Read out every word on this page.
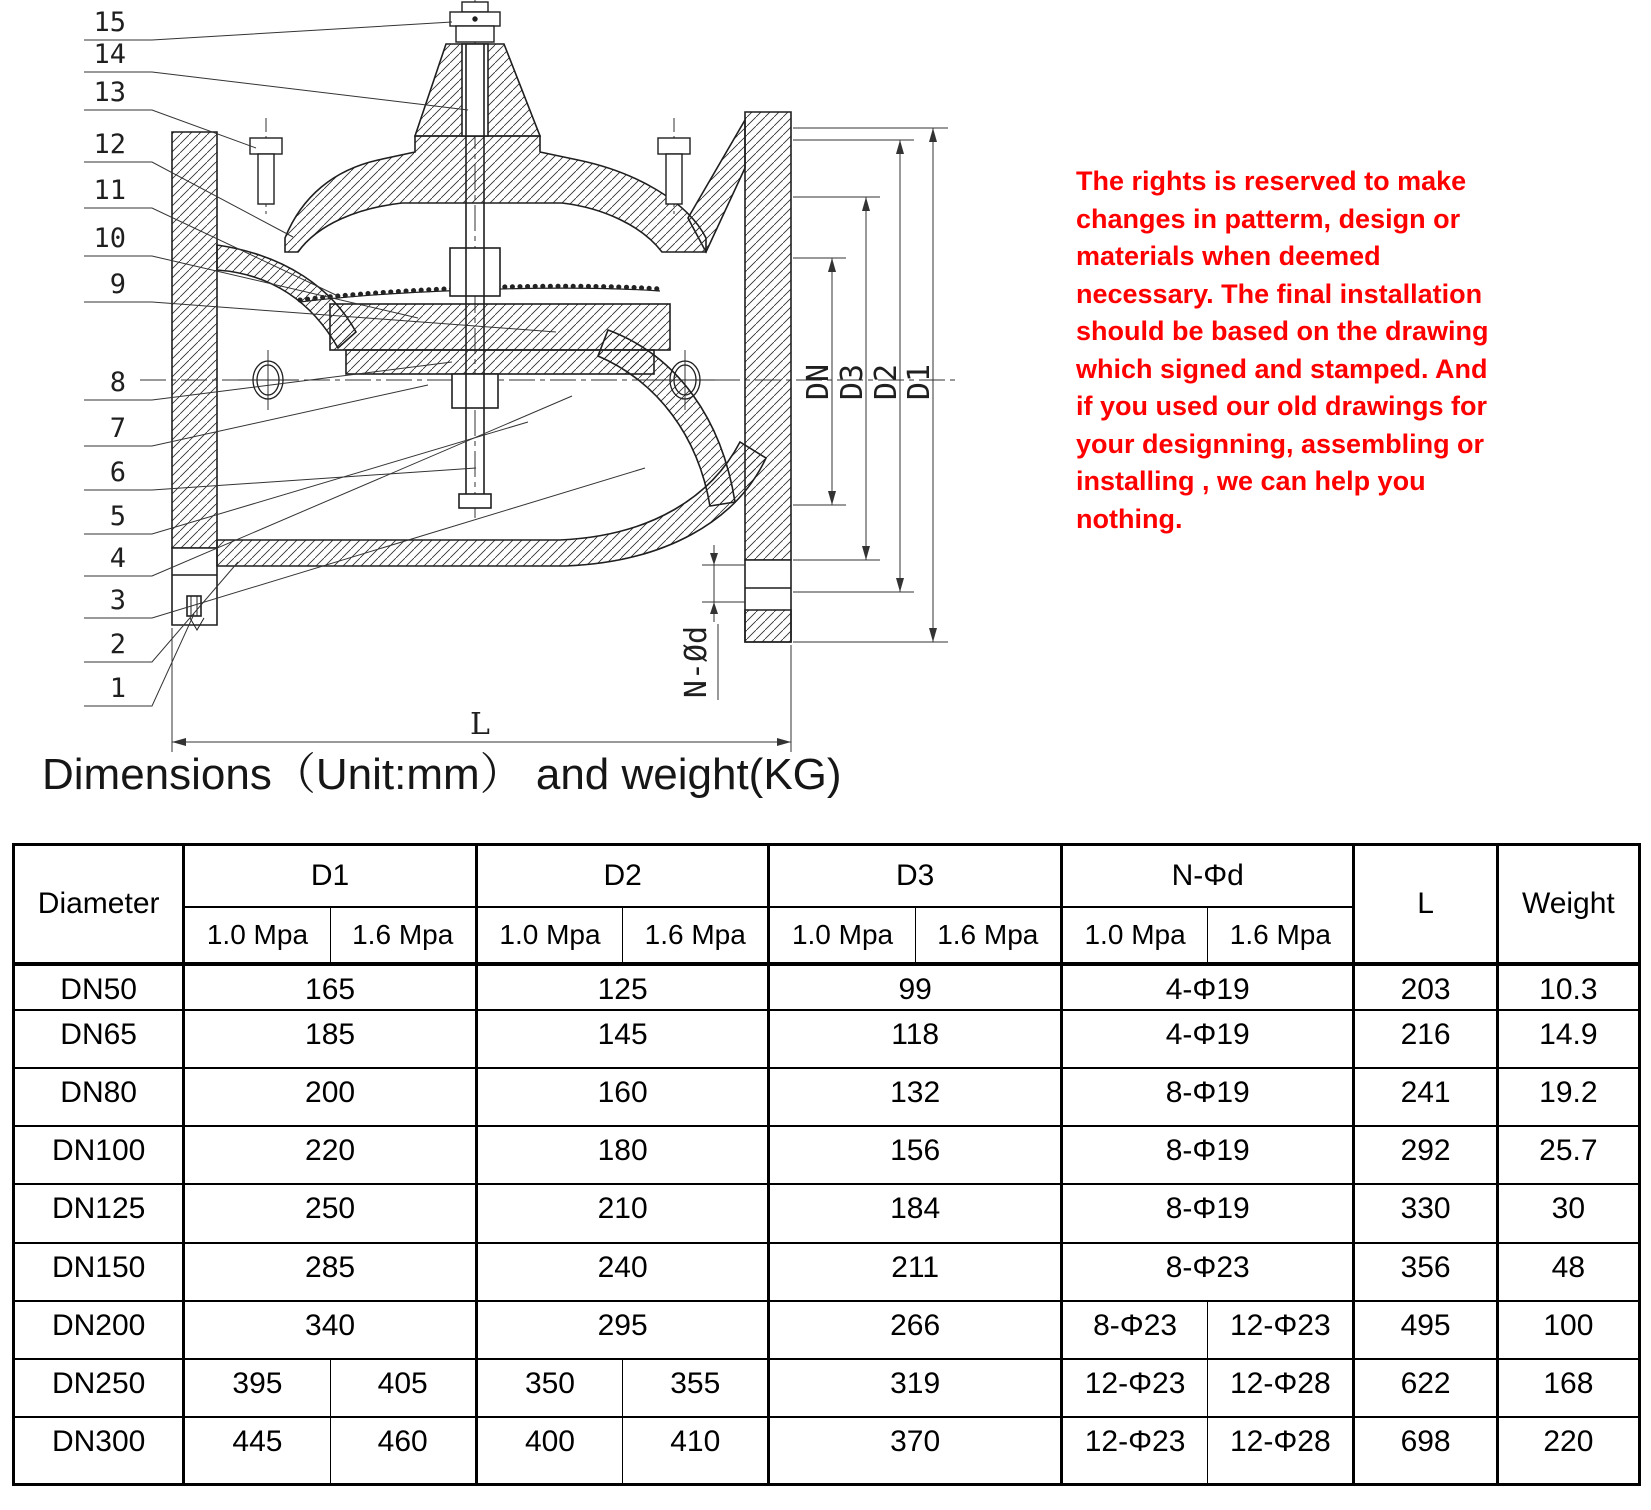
15
14
13
12
11
10
9
8
7
6
5
4
3
2
1
DN D3 D2
D1
N-Ød
L
The rights is reserved to make
changes in patterm, design or
materials when deemed
necessary. The final installation
should be based on the drawing
which signed and stamped. And
if you used our old drawings for
your designning, assembling or
installing , we can help you
nothing.
Dimensions（Unit:mm） and weight(KG)
Diameter	D1		D2		D3		N-Φd		L	Weight
	1.0 Mpa	1.6 Mpa	1.0 Mpa	1.6 Mpa	1.0 Mpa	1.6 Mpa	1.0 Mpa	1.6 Mpa		
DN50	165		125		99		4-Φ19		203	10.3
DN65	185		145		118		4-Φ19		216	14.9
DN80	200		160		132		8-Φ19		241	19.2
DN100	220		180		156		8-Φ19		292	25.7
DN125	250		210		184		8-Φ19		330	30
DN150	285		240		211		8-Φ23		356	48
DN200	340		295		266		8-Φ23	12-Φ23	495	100
DN250	395	405	350	355	319		12-Φ23	12-Φ28	622	168
DN300	445	460	400	410	370		12-Φ23	12-Φ28	698	220
